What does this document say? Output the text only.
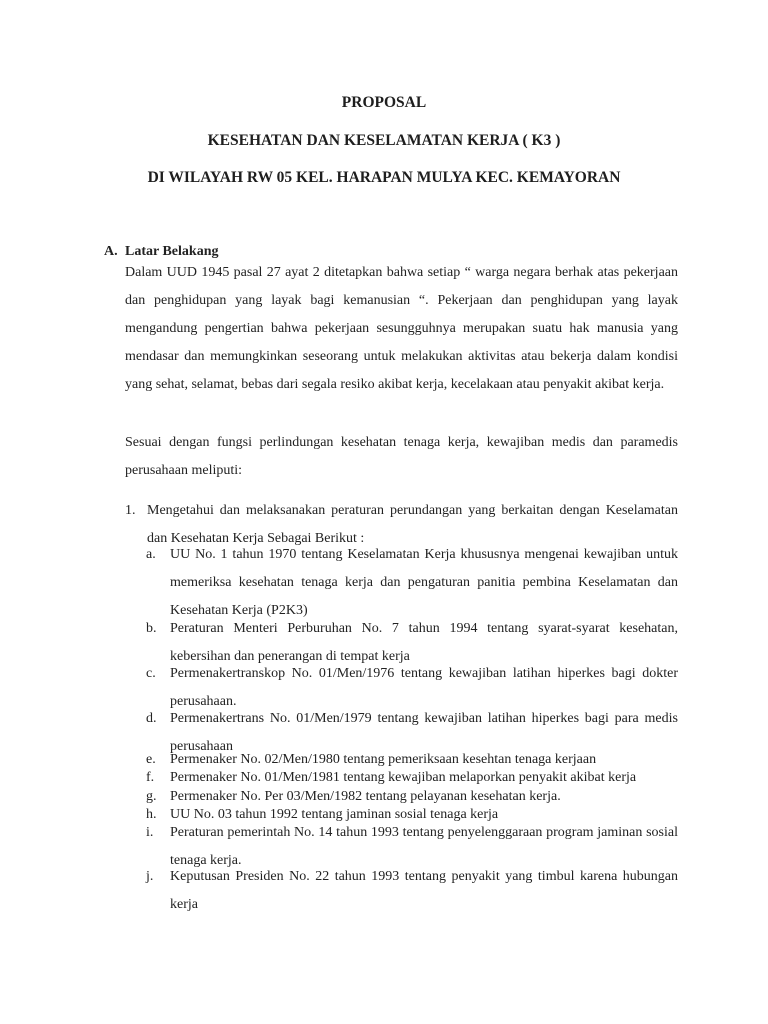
PROPOSAL
KESEHATAN DAN KESELAMATAN KERJA ( K3 )
DI WILAYAH RW 05 KEL. HARAPAN MULYA KEC. KEMAYORAN
A. Latar Belakang
Dalam UUD 1945 pasal 27 ayat 2 ditetapkan bahwa setiap “ warga negara berhak atas pekerjaan dan penghidupan yang layak bagi kemanusian “. Pekerjaan dan penghidupan yang layak mengandung pengertian bahwa pekerjaan sesungguhnya merupakan suatu hak manusia yang mendasar dan memungkinkan seseorang untuk melakukan aktivitas atau bekerja dalam kondisi yang sehat, selamat, bebas dari segala resiko akibat kerja, kecelakaan atau penyakit akibat kerja.
Sesuai dengan fungsi perlindungan kesehatan tenaga kerja, kewajiban medis dan paramedis perusahaan meliputi:
1. Mengetahui dan melaksanakan peraturan perundangan yang berkaitan dengan Keselamatan dan Kesehatan Kerja Sebagai Berikut :
a. UU No. 1 tahun 1970 tentang Keselamatan Kerja khususnya mengenai kewajiban untuk memeriksa kesehatan tenaga kerja dan pengaturan panitia pembina Keselamatan dan Kesehatan Kerja (P2K3)
b. Peraturan Menteri Perburuhan No. 7 tahun 1994 tentang syarat-syarat kesehatan, kebersihan dan penerangan di tempat kerja
c. Permenakertranskop No. 01/Men/1976 tentang kewajiban latihan hiperkes bagi dokter perusahaan.
d. Permenakertrans No. 01/Men/1979 tentang kewajiban latihan hiperkes bagi para medis perusahaan
e. Permenaker No. 02/Men/1980 tentang pemeriksaan kesehtan tenaga kerjaan
f. Permenaker No. 01/Men/1981 tentang kewajiban melaporkan penyakit akibat kerja
g. Permenaker No. Per 03/Men/1982 tentang pelayanan kesehatan kerja.
h. UU No. 03 tahun 1992 tentang jaminan sosial tenaga kerja
i. Peraturan pemerintah No. 14 tahun 1993 tentang penyelenggaraan program jaminan sosial tenaga kerja.
j. Keputusan Presiden No. 22 tahun 1993 tentang penyakit yang timbul karena hubungan kerja
